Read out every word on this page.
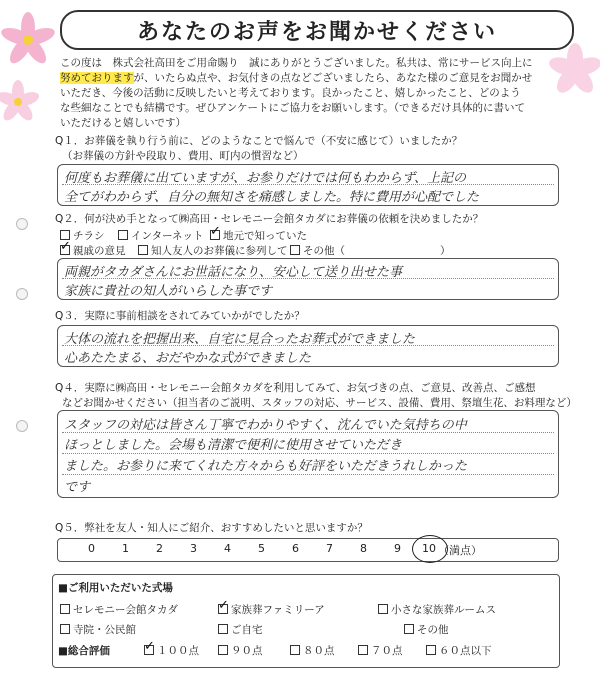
あなたのお声をお聞かせください
この度は　株式会社高田をご用命賜り　誠にありがとうございました。私共は、常にサービス向上に
努めておりますが、いたらぬ点や、お気付きの点などございましたら、あなた様のご意見をお聞かせ
いただき、今後の活動に反映したいと考えております。良かったこと、嬉しかったこと、どのよう
な些細なことでも結構です。ぜひアンケートにご協力をお願いします。（できるだけ具体的に書いて
いただけると嬉しいです）
Q１．お葬儀を執り行う前に、どのようなことで悩んで（不安に感じて）いましたか？
（お葬儀の方針や段取り、費用、町内の慣習など）
何度もお葬儀に出ていますが、お参りだけでは何もわからず、上記の
全てがわからず、自分の無知さを痛感しました。特に費用が心配でした
Q２．何が決め手となって㈱高田・セレモニー会館タカダにお葬儀の依頼を決めましたか？
チラシ	インターネット ✓	地元で知っていた
✓親戚の意見	知人友人のお葬儀に参列して	その他（	）
両親がタカダさんにお世話になり、安心して送り出せた事
家族に貴社の知人がいらした事です
Q３．実際に事前相談をされてみていかがでしたか？
大体の流れを把握出来、自宅に見合ったお葬式ができました
心あたたまる、おだやかな式ができました
Q４．実際に㈱高田・セレモニー会館タカダを利用してみて、お気づきの点、ご意見、改善点、ご感想
などお聞かせください（担当者のご説明、スタッフの対応、サービス、設備、費用、祭壇生花、お料理など）
スタッフの対応は皆さん丁寧でわかりやすく、沈んでいた気持ちの中
ほっとしました。会場も清潔で便利に使用させていただき
ました。お参りに来てくれた方々からも好評をいただきうれしかった
です
Q５．弊社を友人・知人にご紹介、おすすめしたいと思いますか？
0 1 2 3 4 5 6 7 8 9 10 （満点）
■ご利用いただいた式場
セレモニー会館タカダ ✓	家族葬ファミリーア	小さな家族葬ルームス
寺院・公民館	ご自宅	その他
■総合評価 ✓	１００点	９０点	８０点	７０点	６０点以下
